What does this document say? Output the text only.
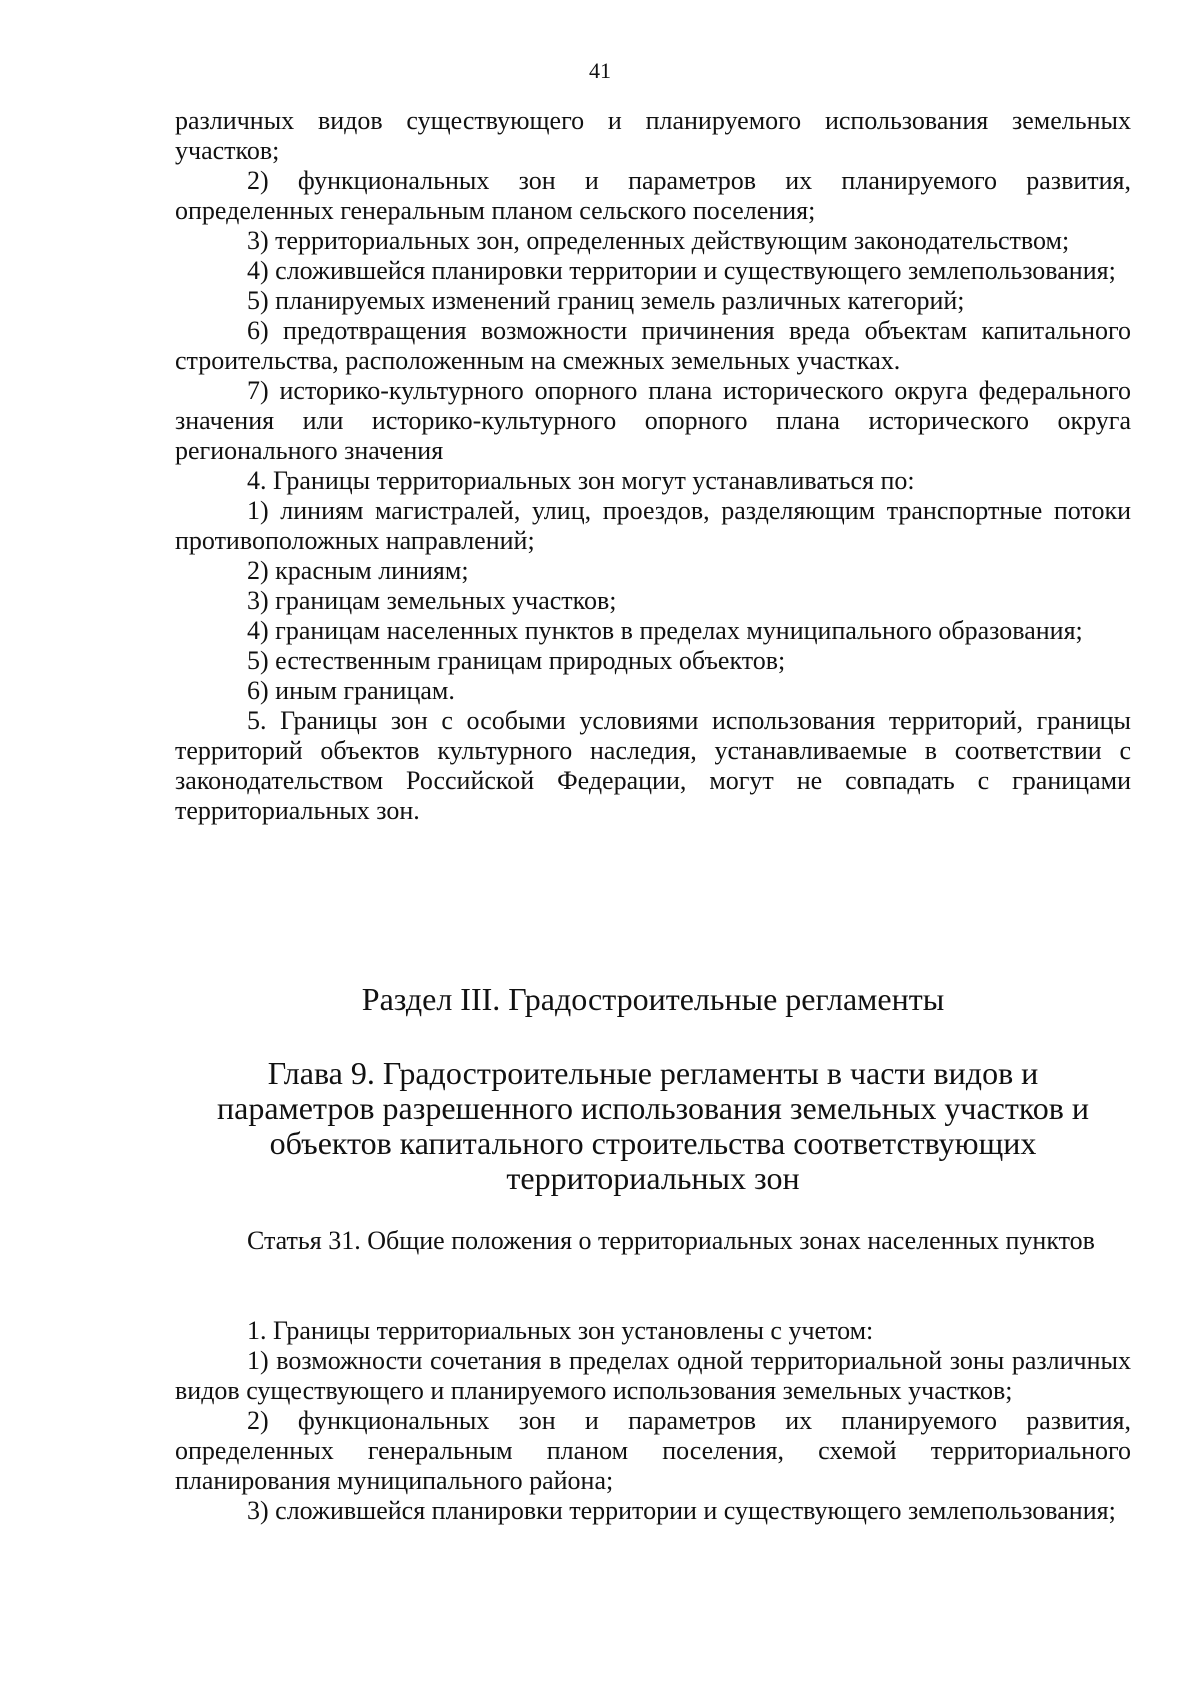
41

различных видов существующего и планируемого использования земельных участков;

2) функциональных зон и параметров их планируемого развития, определенных генеральным планом сельского поселения;

3) территориальных зон, определенных действующим законодательством;

4) сложившейся планировки территории и существующего землепользования;

5) планируемых изменений границ земель различных категорий;

6) предотвращения возможности причинения вреда объектам капитального строительства, расположенным на смежных земельных участках.

7) историко-культурного опорного плана исторического округа федерального значения или историко-культурного опорного плана исторического округа регионального значения

4. Границы территориальных зон могут устанавливаться по:

1) линиям магистралей, улиц, проездов, разделяющим транспортные потоки противоположных направлений;

2) красным линиям;

3) границам земельных участков;

4) границам населенных пунктов в пределах муниципального образования;

5) естественным границам природных объектов;

6) иным границам.

5. Границы зон с особыми условиями использования территорий, границы территорий объектов культурного наследия, устанавливаемые в соответствии с законодательством Российской Федерации, могут не совпадать с границами территориальных зон.

Раздел III. Градостроительные регламенты
Глава 9. Градостроительные регламенты в части видов и
параметров разрешенного использования земельных участков и
объектов капитального строительства соответствующих
территориальных зон

Статья 31. Общие положения о территориальных зонах населенных пунктов

1. Границы территориальных зон установлены с учетом:

1) возможности сочетания в пределах одной территориальной зоны различных видов существующего и планируемого использования земельных участков;

2) функциональных зон и параметров их планируемого развития, определенных генеральным планом поселения, схемой территориального планирования муниципального района;

3) сложившейся планировки территории и существующего землепользования;
